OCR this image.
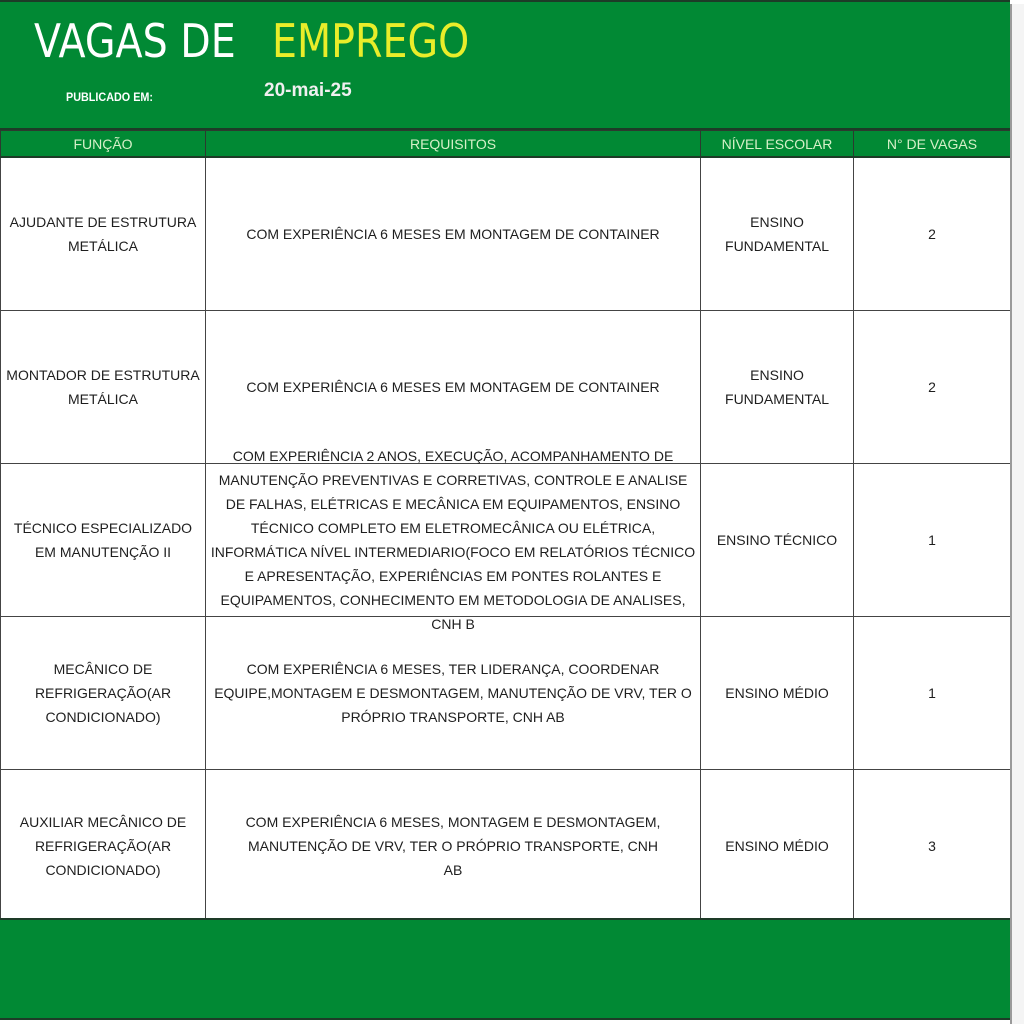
VAGAS DE EMPREGO
PUBLICADO EM:	20-mai-25
FUNÇÃO	REQUISITOS	NÍVEL ESCOLAR	N° DE VAGAS

AJUDANTE DE ESTRUTURA METÁLICA	COM EXPERIÊNCIA 6 MESES EM MONTAGEM DE CONTAINER	ENSINO FUNDAMENTAL	2

MONTADOR DE ESTRUTURA METÁLICA	COM EXPERIÊNCIA 6 MESES EM MONTAGEM DE CONTAINER	ENSINO FUNDAMENTAL	2

TÉCNICO ESPECIALIZADO EM MANUTENÇÃO II	COM EXPERIÊNCIA 2 ANOS, EXECUÇÃO, ACOMPANHAMENTO DE MANUTENÇÃO PREVENTIVAS E CORRETIVAS, CONTROLE E ANALISE DE FALHAS, ELÉTRICAS E MECÂNICA EM EQUIPAMENTOS, ENSINO TÉCNICO COMPLETO EM ELETROMECÂNICA OU ELÉTRICA, INFORMÁTICA NÍVEL INTERMEDIARIO(FOCO EM RELATÓRIOS TÉCNICO E APRESENTAÇÃO, EXPERIÊNCIAS EM PONTES ROLANTES E EQUIPAMENTOS, CONHECIMENTO EM METODOLOGIA DE ANALISES, CNH B	ENSINO TÉCNICO	1

MECÂNICO DE REFRIGERAÇÃO(AR CONDICIONADO)	COM EXPERIÊNCIA 6 MESES, TER LIDERANÇA, COORDENAR EQUIPE,MONTAGEM E DESMONTAGEM, MANUTENÇÃO DE VRV, TER O PRÓPRIO TRANSPORTE, CNH AB	ENSINO MÉDIO	1

AUXILIAR MECÂNICO DE REFRIGERAÇÃO(AR CONDICIONADO)	COM EXPERIÊNCIA 6 MESES, MONTAGEM E DESMONTAGEM, MANUTENÇÃO DE VRV, TER O PRÓPRIO TRANSPORTE, CNH AB	ENSINO MÉDIO	3
